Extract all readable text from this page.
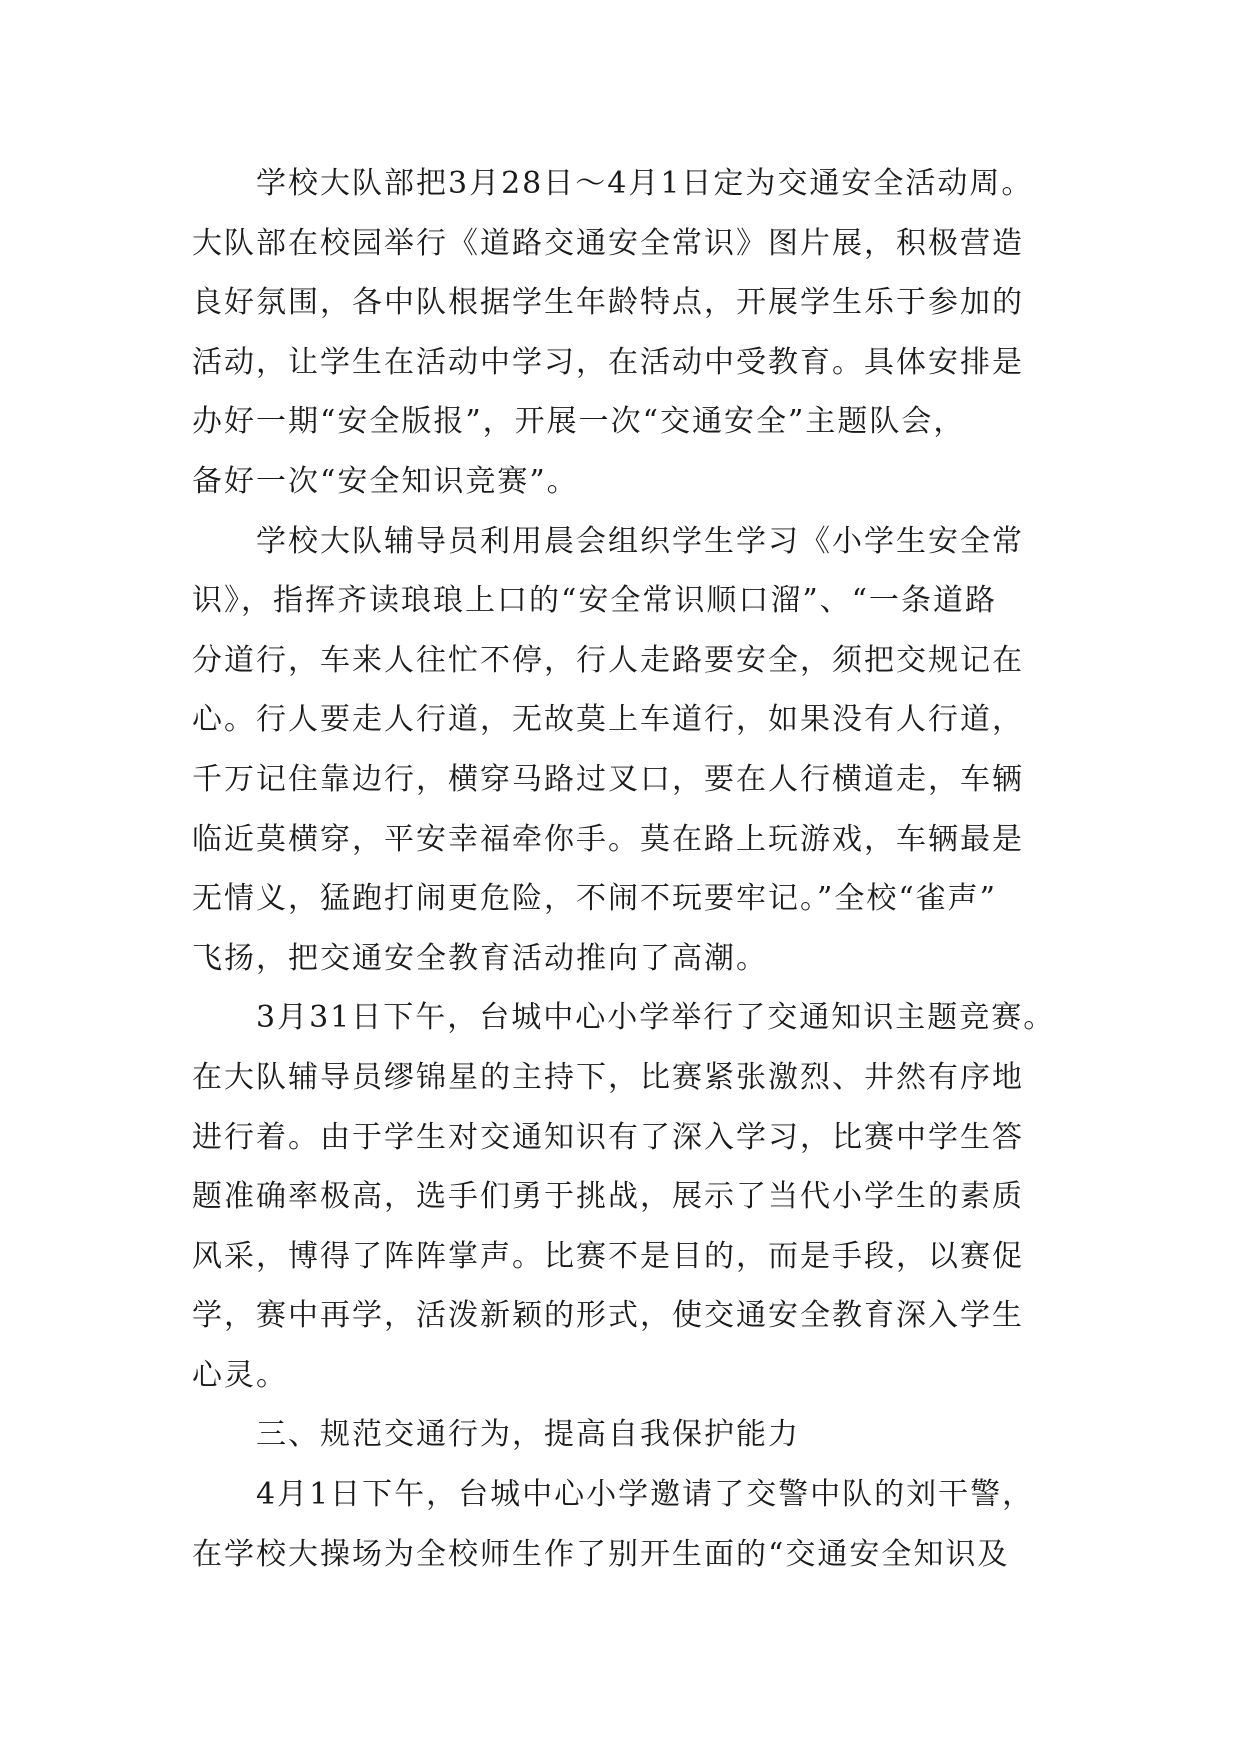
学校大队部把3月28日～4月1日定为交通安全活动周。
大队部在校园举行《道路交通安全常识》图片展，积极营造
良好氛围，各中队根据学生年龄特点，开展学生乐于参加的
活动，让学生在活动中学习，在活动中受教育。具体安排是
办好一期“安全版报”，开展一次“交通安全”主题队会，
备好一次“安全知识竞赛”。
学校大队辅导员利用晨会组织学生学习《小学生安全常
识》，指挥齐读琅琅上口的“安全常识顺口溜”、“一条道路
分道行，车来人往忙不停，行人走路要安全，须把交规记在
心。行人要走人行道，无故莫上车道行，如果没有人行道，
千万记住靠边行，横穿马路过叉口，要在人行横道走，车辆
临近莫横穿，平安幸福牵你手。莫在路上玩游戏，车辆最是
无情义，猛跑打闹更危险，不闹不玩要牢记。”全校“雀声”
飞扬，把交通安全教育活动推向了高潮。
3月31日下午，台城中心小学举行了交通知识主题竞赛。
在大队辅导员缪锦星的主持下，比赛紧张激烈、井然有序地
进行着。由于学生对交通知识有了深入学习，比赛中学生答
题准确率极高，选手们勇于挑战，展示了当代小学生的素质
风采，博得了阵阵掌声。比赛不是目的，而是手段，以赛促
学，赛中再学，活泼新颖的形式，使交通安全教育深入学生
心灵。
三、规范交通行为，提高自我保护能力
4月1日下午，台城中心小学邀请了交警中队的刘干警，
在学校大操场为全校师生作了别开生面的“交通安全知识及
